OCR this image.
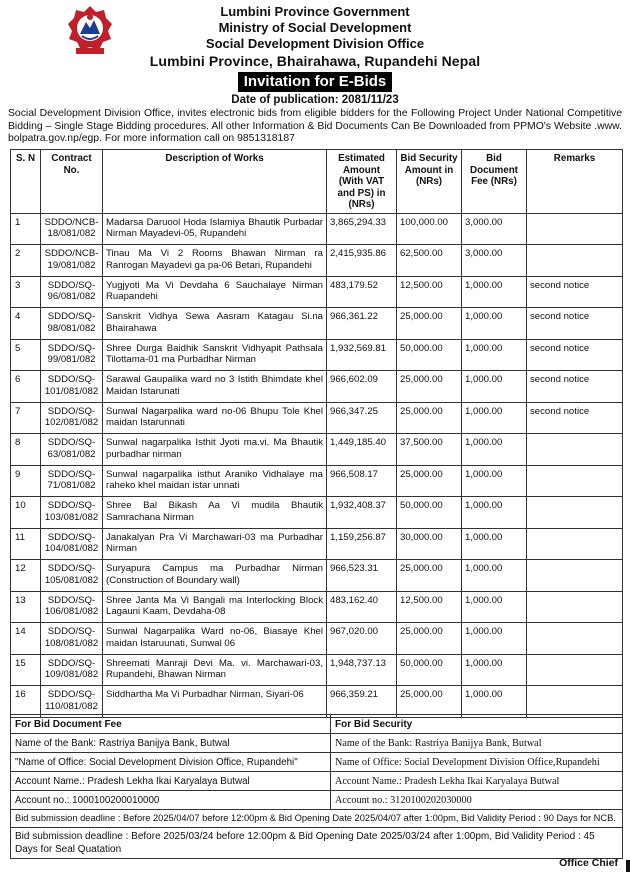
Lumbini Province Government
Ministry of Social Development
Social Development Division Office
Lumbini Province, Bhairahawa, Rupandehi Nepal
Invitation for E-Bids
Date of publication: 2081/11/23
Social Development Division Office, invites electronic bids from eligible bidders for the Following Project Under National Competitive Bidding – Single Stage Bidding procedures. All other Information & Bid Documents Can Be Downloaded from PPMO's Website .www. bolpatra.gov.np/egp. For more information call on 9851318187
S. N	Contract No.	Description of Works	Estimated Amount (With VAT and PS) in (NRs)	Bid Security Amount in (NRs)	Bid Document Fee (NRs)	Remarks
1	SDDO/NCB-18/081/082	Madarsa Daruool Hoda Islamiya Bhautik Purbadar Nirman Mayadevi-05, Rupandehi	3,865,294.33	100,000.00	3,000.00	
2	SDDO/NCB-19/081/082	Tinau Ma Vi 2 Rooms Bhawan Nirman ra Ranrogan Mayadevi ga pa-06 Betari, Rupandehi	2,415,935.86	62,500.00	3,000.00	
3	SDDO/SQ-96/081/082	Yugjyoti Ma Vi Devdaha 6 Sauchalaye Nirman Ruapandehi	483,179.52	12,500.00	1,000.00	second notice
4	SDDO/SQ-98/081/082	Sanskrit Vidhya Sewa Aasram Katagau Si.na Bhairahawa	966,361.22	25,000.00	1,000.00	second notice
5	SDDO/SQ-99/081/082	Shree Durga Baidhik Sanskrit Vidhyapit Pathsala Tilottama-01 ma Purbadhar Nirman	1,932,569.81	50,000.00	1,000.00	second notice
6	SDDO/SQ-101/081/082	Sarawal Gaupalika ward no 3 Istith Bhimdate khel Maidan Istarunati	966,602.09	25,000.00	1,000.00	second notice
7	SDDO/SQ-102/081/082	Sunwal Nagarpalika ward no-06 Bhupu Tole Khel maidan Istarunnati	966,347.25	25,000.00	1,000.00	second notice
8	SDDO/SQ-63/081/082	Sunwal nagarpalika Isthit Jyoti ma.vi. Ma Bhautik purbadhar nirman	1,449,185.40	37,500.00	1,000.00	
9	SDDO/SQ-71/081/082	Sunwal nagarpalika isthut Araniko Vidhalaye ma raheko khel maidan istar unnati	966,508.17	25,000.00	1,000.00	
10	SDDO/SQ-103/081/082	Shree Bal Bikash Aa Vi mudila Bhautik Samrachana Nirman	1,932,408.37	50,000.00	1,000.00	
11	SDDO/SQ-104/081/082	Janakalyan Pra Vi Marchawari-03 ma Purbadhar Nirman	1,159,256.87	30,000.00	1,000.00	
12	SDDO/SQ-105/081/082	Suryapura Campus ma Purbadhar Nirman (Construction of Boundary wall)	966,523.31	25,000.00	1,000.00	
13	SDDO/SQ-106/081/082	Shree Janta Ma Vi Bangali ma Interlocking Block Lagauni Kaam, Devdaha-08	483,162.40	12,500.00	1,000.00	
14	SDDO/SQ-108/081/082	Sunwal Nagarpalika Ward no-06, Biasaye Khel maidan Istaruunati, Sunwal 06	967,020.00	25,000.00	1,000.00	
15	SDDO/SQ-109/081/082	Shreemati Manraji Devi Ma. vi. Marchawari-03, Rupandehi, Bhawan Nirman	1,948,737.13	50,000.00	1,000.00	
16	SDDO/SQ-110/081/082	Siddhartha Ma Vi Purbadhar Nirman, Siyari-06	966,359.21	25,000.00	1,000.00	
For Bid Document Fee	For Bid Security
Name of the Bank: Rastriya Banijya Bank, Butwal	Name of the Bank: Rastriya Banijya Bank, Butwal
"Name of Office: Social Development Division Office, Rupandehi"	Name of Office: Social Development Division Office,Rupandehi
Account Name.: Pradesh Lekha Ikai Karyalaya Butwal	Account Name.: Pradesh Lekha Ikai Karyalaya Butwal
Account no.: 1000100200010000	Account no.: 3120100202030000
Bid submission deadline : Before 2025/04/07 before 12:00pm & Bid Opening Date 2025/04/07 after 1:00pm, Bid Validity Period : 90 Days for NCB.	
Bid submission deadline : Before 2025/03/24 before 12:00pm & Bid Opening Date 2025/03/24 after 1:00pm, Bid Validity Period : 45 Days for Seal Quatation	
Office Chief
